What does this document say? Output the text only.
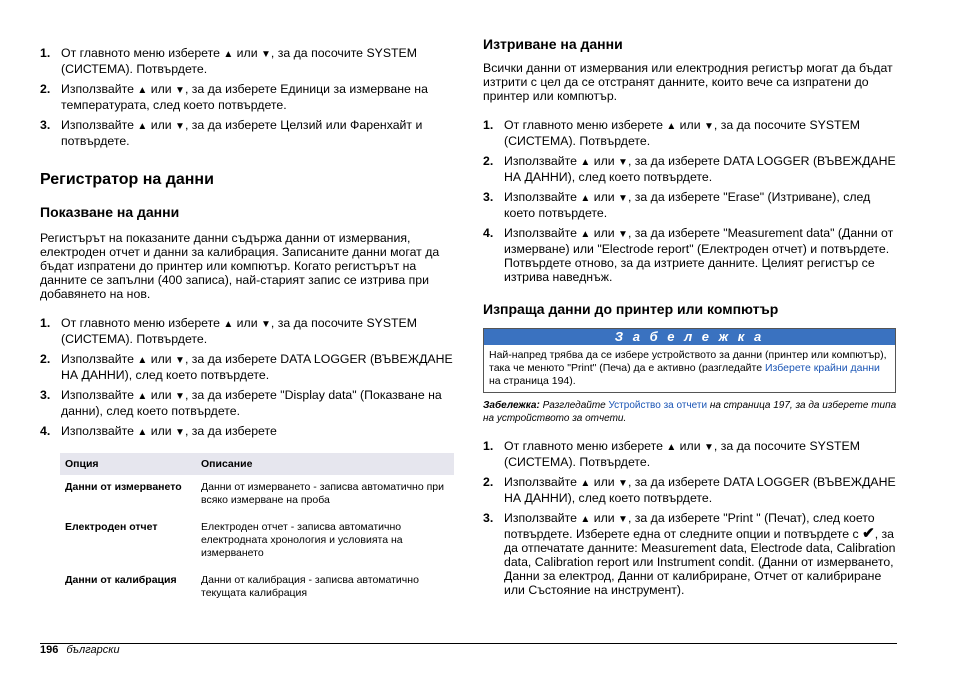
1. От главното меню изберете ▲ или ▼, за да посочите SYSTEM (СИСТЕМА). Потвърдете.
2. Използвайте ▲ или ▼, за да изберете Единици за измерване на температурата, след което потвърдете.
3. Използвайте ▲ или ▼, за да изберете Целзий или Фаренхайт и потвърдете.
Регистратор на данни
Показване на данни

Регистърът на показаните данни съдържа данни от измервания, електроден отчет и данни за калибрация. Записаните данни могат да бъдат изпратени до принтер или компютър. Когато регистърът на данните се запълни (400 записа), най-старият запис се изтрива при добавянето на нов.

1. От главното меню изберете ▲ или ▼, за да посочите SYSTEM (СИСТЕМА). Потвърдете.
2. Използвайте ▲ или ▼, за да изберете DATA LOGGER (ВЪВЕЖДАНЕ НА ДАННИ), след което потвърдете.
3. Използвайте ▲ или ▼, за да изберете "Display data" (Показване на данни), след което потвърдете.
4. Използвайте ▲ или ▼, за да изберете
Опция	Описание
Данни от измерването	Данни от измерването - записва автоматично при всяко измерване на проба
Електроден отчет	Електроден отчет - записва автоматично електродната хронология и условията на измерването
Данни от калибрация	Данни от калибрация - записва автоматично текущата калибрация
Изтриване на данни

Всички данни от измервания или електродния регистър могат да бъдат изтрити с цел да се отстранят данните, които вече са изпратени до принтер или компютър.

1. От главното меню изберете ▲ или ▼, за да посочите SYSTEM (СИСТЕМА). Потвърдете.
2. Използвайте ▲ или ▼, за да изберете DATA LOGGER (ВЪВЕЖДАНЕ НА ДАННИ), след което потвърдете.
3. Използвайте ▲ или ▼, за да изберете "Erase" (Изтриване), след което потвърдете.
4. Използвайте ▲ или ▼, за да изберете "Measurement data" (Данни от измерване) или "Electrode report" (Електроден отчет) и потвърдете. Потвърдете отново, за да изтриете данните. Целият регистър се изтрива наведнъж.
Изпраща данни до принтер или компютър
З а б е л е ж к а
Най-напред трябва да се избере устройството за данни (принтер или компютър), така че менюто "Print" (Печа) да е активно (разгледайте Изберете крайни данни на страница 194).

Забележка: Разгледайте Устройство за отчети на страница 197, за да изберете типа на устройството за отчети.

1. От главното меню изберете ▲ или ▼, за да посочите SYSTEM (СИСТЕМА). Потвърдете.
2. Използвайте ▲ или ▼, за да изберете DATA LOGGER (ВЪВЕЖДАНЕ НА ДАННИ), след което потвърдете.
3. Използвайте ▲ или ▼, за да изберете "Print " (Печат), след което потвърдете. Изберете една от следните опции и потвърдете с ✔, за да отпечатате данните: Measurement data, Electrode data, Calibration data, Calibration report или Instrument condit. (Данни от измерването, Данни за електрод, Данни от калибриране, Отчет от калибриране или Състояние на инструмент).
196 български
